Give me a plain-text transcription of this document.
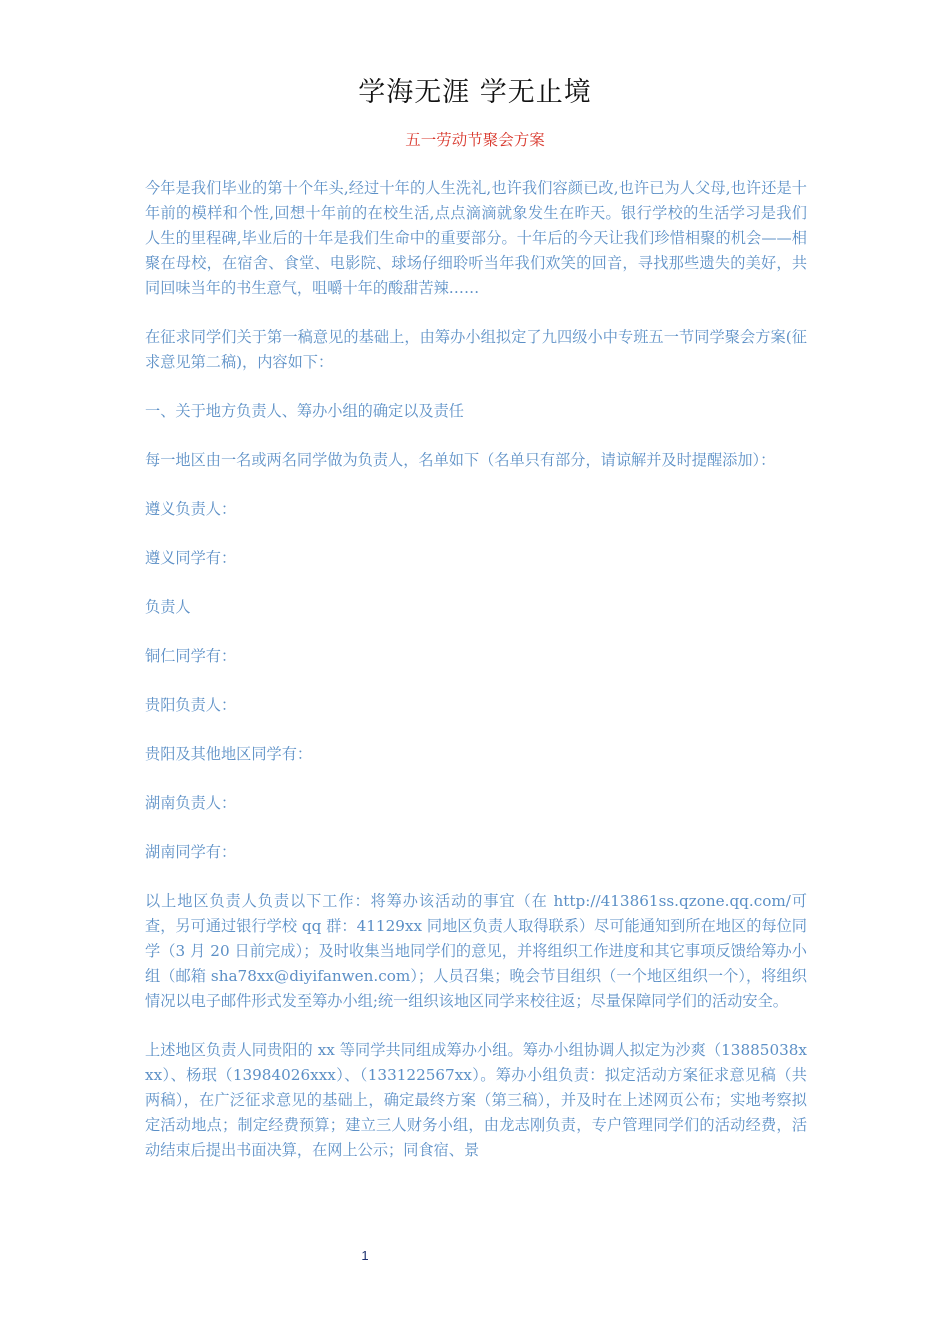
学海无涯 学无止境
五一劳动节聚会方案

今年是我们毕业的第十个年头,经过十年的人生洗礼,也许我们容颜已改,也许已为人父母,也许还是十年前的模样和个性,回想十年前的在校生活,点点滴滴就象发生在昨天。银行学校的生活学习是我们人生的里程碑,毕业后的十年是我们生命中的重要部分。十年后的今天让我们珍惜相聚的机会——相聚在母校，在宿舍、食堂、电影院、球场仔细聆听当年我们欢笑的回音，寻找那些遗失的美好，共同回味当年的书生意气，咀嚼十年的酸甜苦辣……

在征求同学们关于第一稿意见的基础上，由筹办小组拟定了九四级小中专班五一节同学聚会方案(征求意见第二稿)，内容如下：

一、关于地方负责人、筹办小组的确定以及责任

每一地区由一名或两名同学做为负责人，名单如下（名单只有部分，请谅解并及时提醒添加）：

遵义负责人：

遵义同学有：

负责人

铜仁同学有：

贵阳负责人：

贵阳及其他地区同学有：

湖南负责人：

湖南同学有：

以上地区负责人负责以下工作：将筹办该活动的事宜（在 http://413861ss.qzone.qq.com/可查，另可通过银行学校 qq 群：41129xx 同地区负责人取得联系）尽可能通知到所在地区的每位同学（3 月 20 日前完成）；及时收集当地同学们的意见，并将组织工作进度和其它事项反馈给筹办小组（邮箱 sha78xx@diyifanwen.com）；人员召集；晚会节目组织（一个地区组织一个），将组织情况以电子邮件形式发至筹办小组;统一组织该地区同学来校往返；尽量保障同学们的活动安全。

上述地区负责人同贵阳的 xx 等同学共同组成筹办小组。筹办小组协调人拟定为沙爽（13885038xxx）、杨珉（13984026xxx）、（133122567xx）。筹办小组负责：拟定活动方案征求意见稿（共两稿），在广泛征求意见的基础上，确定最终方案（第三稿），并及时在上述网页公布；实地考察拟定活动地点；制定经费预算；建立三人财务小组，由龙志刚负责，专户管理同学们的活动经费，活动结束后提出书面决算，在网上公示；同食宿、景

1
